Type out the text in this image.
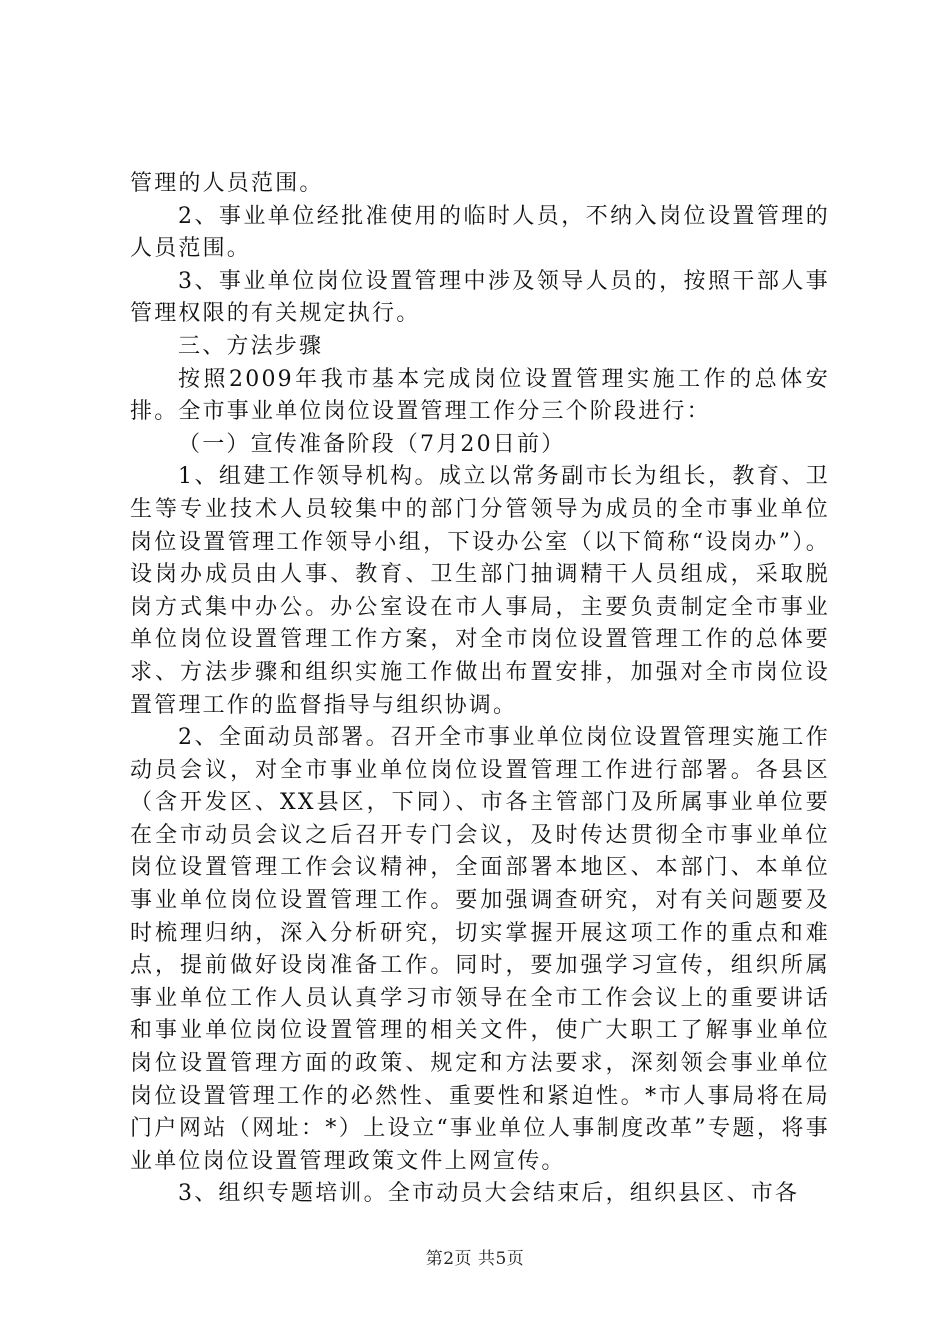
管理的人员范围。

2、事业单位经批准使用的临时人员，不纳入岗位设置管理的人员范围。

3、事业单位岗位设置管理中涉及领导人员的，按照干部人事管理权限的有关规定执行。

三、方法步骤

按照2009年我市基本完成岗位设置管理实施工作的总体安排。全市事业单位岗位设置管理工作分三个阶段进行：

（一）宣传准备阶段（7月20日前）

1、组建工作领导机构。成立以常务副市长为组长，教育、卫生等专业技术人员较集中的部门分管领导为成员的全市事业单位岗位设置管理工作领导小组，下设办公室（以下简称“设岗办”）。设岗办成员由人事、教育、卫生部门抽调精干人员组成，采取脱岗方式集中办公。办公室设在市人事局，主要负责制定全市事业单位岗位设置管理工作方案，对全市岗位设置管理工作的总体要求、方法步骤和组织实施工作做出布置安排，加强对全市岗位设置管理工作的监督指导与组织协调。

2、全面动员部署。召开全市事业单位岗位设置管理实施工作动员会议，对全市事业单位岗位设置管理工作进行部署。各县区（含开发区、XX县区，下同）、市各主管部门及所属事业单位要在全市动员会议之后召开专门会议，及时传达贯彻全市事业单位岗位设置管理工作会议精神，全面部署本地区、本部门、本单位事业单位岗位设置管理工作。要加强调查研究，对有关问题要及时梳理归纳，深入分析研究，切实掌握开展这项工作的重点和难点，提前做好设岗准备工作。同时，要加强学习宣传，组织所属事业单位工作人员认真学习市领导在全市工作会议上的重要讲话和事业单位岗位设置管理的相关文件，使广大职工了解事业单位岗位设置管理方面的政策、规定和方法要求，深刻领会事业单位岗位设置管理工作的必然性、重要性和紧迫性。*市人事局将在局门户网站（网址：*）上设立“事业单位人事制度改革”专题，将事业单位岗位设置管理政策文件上网宣传。

3、组织专题培训。全市动员大会结束后，组织县区、市各

第2页 共5页
